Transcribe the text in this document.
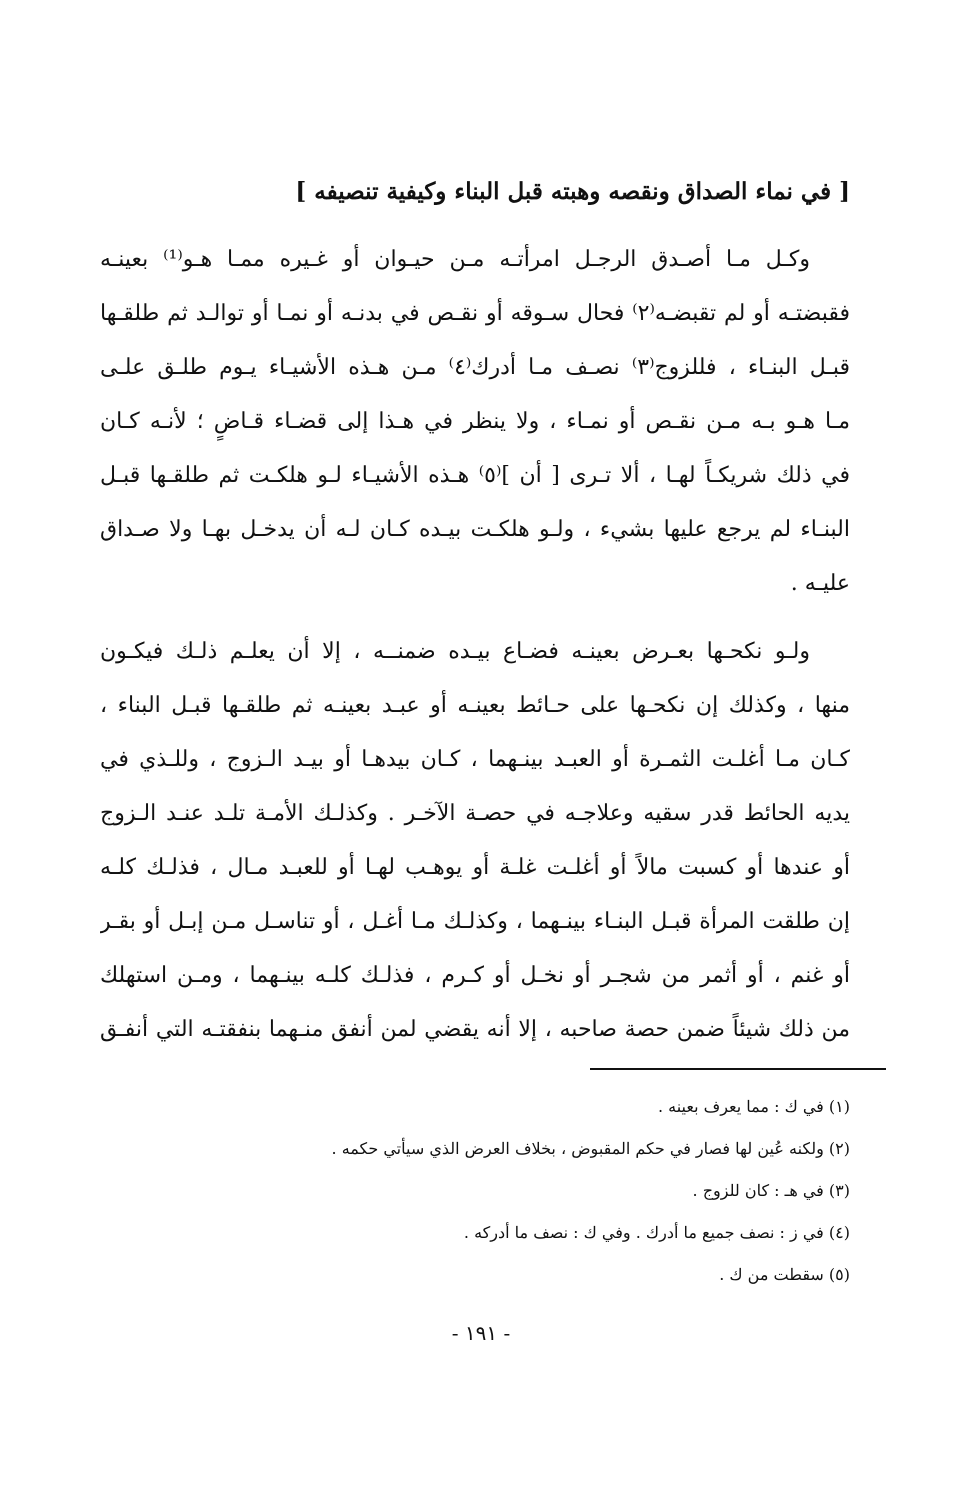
[ في نماء الصداق ونقصه وهبته قبل البناء وكيفية تنصيفه ]
وكـل مـا أصـدق الرجـل امرأتـه مـن حيـوان أو غـيره ممـا هـو⁽¹⁾ بعينـه
فقبضتـه أو لم تقبضـه⁽٢⁾ فحال سـوقه أو نقـص في بدنـه أو نمـا أو توالـد ثم طلقـها
قبـل البنـاء ، فللزوج⁽٣⁾ نصـف مـا أدرك⁽٤⁾ مـن هـذه الأشيـاء يـوم طلـق علـى
مـا هـو بـه مـن نقـص أو نمـاء ، ولا ينظر في هـذا إلى قضـاء قـاضٍ ؛ لأنـه كـان
في ذلك شريكـاً لهـا ، ألا تـرى [ أن ]⁽٥⁾ هـذه الأشيـاء لـو هلكـت ثم طلقـها قبـل
البنـاء لم يرجع عليها بشيء ، ولـو هلكـت بيـده كـان لـه أن يدخـل بهـا ولا صـداق
عليـه .
ولـو نكحـها بعـرض بعينـه فضـاع بيـده ضمنــه ، إلا أن يعلـم ذلـك فيكـون
منها ، وكذلك إن نكحـها على حـائط بعينـه أو عبـد بعينـه ثم طلقـها قبـل البناء ،
كـان مـا أغلـت الثمـرة أو العبـد بينـهما ، كـان بيدهـا أو بيـد الـزوج ، وللـذي في
يديه الحائط قدر سقيه وعلاجـه في حصـة الآخـر . وكذلـك الأمـة تلـد عنـد الـزوج
أو عندها أو كسبت مالاً أو أغلـت غلـة أو يوهـب لهـا أو للعبـد مـال ، فذلـك كلـه
إن طلقت المرأة قبـل البنـاء بينـهما ، وكذلـك مـا أغـل ، أو تناسـل مـن إبـل أو بقـر
أو غنم ، أو أثمر من شجـر أو نخـل أو كـرم ، فذلـك كلـه بينـهما ، ومـن استهلك
من ذلك شيئاً ضمن حصة صاحبه ، إلا أنه يقضي لمن أنفق منـهما بنفقتـه التي أنفـق
(١) في ك : مما يعرف بعينه .
(٢) ولكنه عُين لها فصار في حكم المقبوض ، بخلاف العرض الذي سيأتي حكمه .
(٣) في هـ : كان للزوج .
(٤) في ز : نصف جميع ما أدرك . وفي ك : نصف ما أدركه .
(٥) سقطت من ك .
- ١٩١ -
